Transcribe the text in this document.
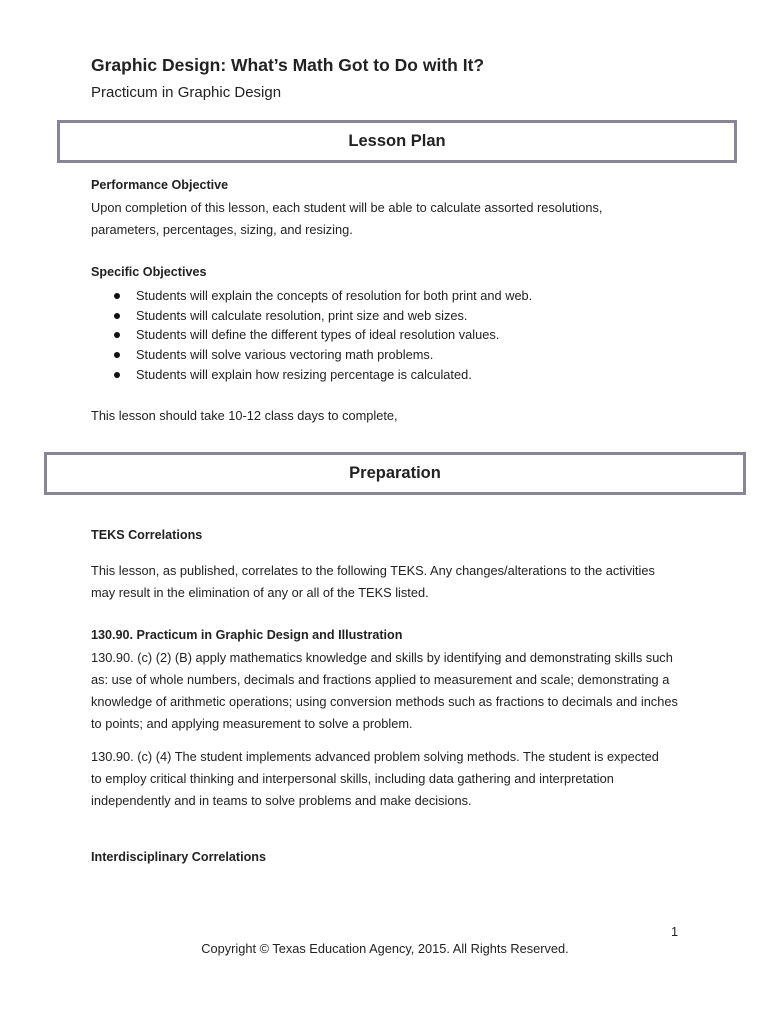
Graphic Design: What’s Math Got to Do with It?
Practicum in Graphic Design
Lesson Plan
Performance Objective
Upon completion of this lesson, each student will be able to calculate assorted resolutions, parameters, percentages, sizing, and resizing.
Specific Objectives
Students will explain the concepts of resolution for both print and web.
Students will calculate resolution, print size and web sizes.
Students will define the different types of ideal resolution values.
Students will solve various vectoring math problems.
Students will explain how resizing percentage is calculated.
This lesson should take 10-12 class days to complete,
Preparation
TEKS Correlations
This lesson, as published, correlates to the following TEKS. Any changes/alterations to the activities may result in the elimination of any or all of the TEKS listed.
130.90. Practicum in Graphic Design and Illustration
130.90. (c) (2) (B) apply mathematics knowledge and skills by identifying and demonstrating skills such as: use of whole numbers, decimals and fractions applied to measurement and scale; demonstrating a knowledge of arithmetic operations; using conversion methods such as fractions to decimals and inches to points; and applying measurement to solve a problem.
130.90. (c) (4) The student implements advanced problem solving methods. The student is expected to employ critical thinking and interpersonal skills, including data gathering and interpretation independently and in teams to solve problems and make decisions.
Interdisciplinary Correlations
1
Copyright © Texas Education Agency, 2015. All Rights Reserved.
